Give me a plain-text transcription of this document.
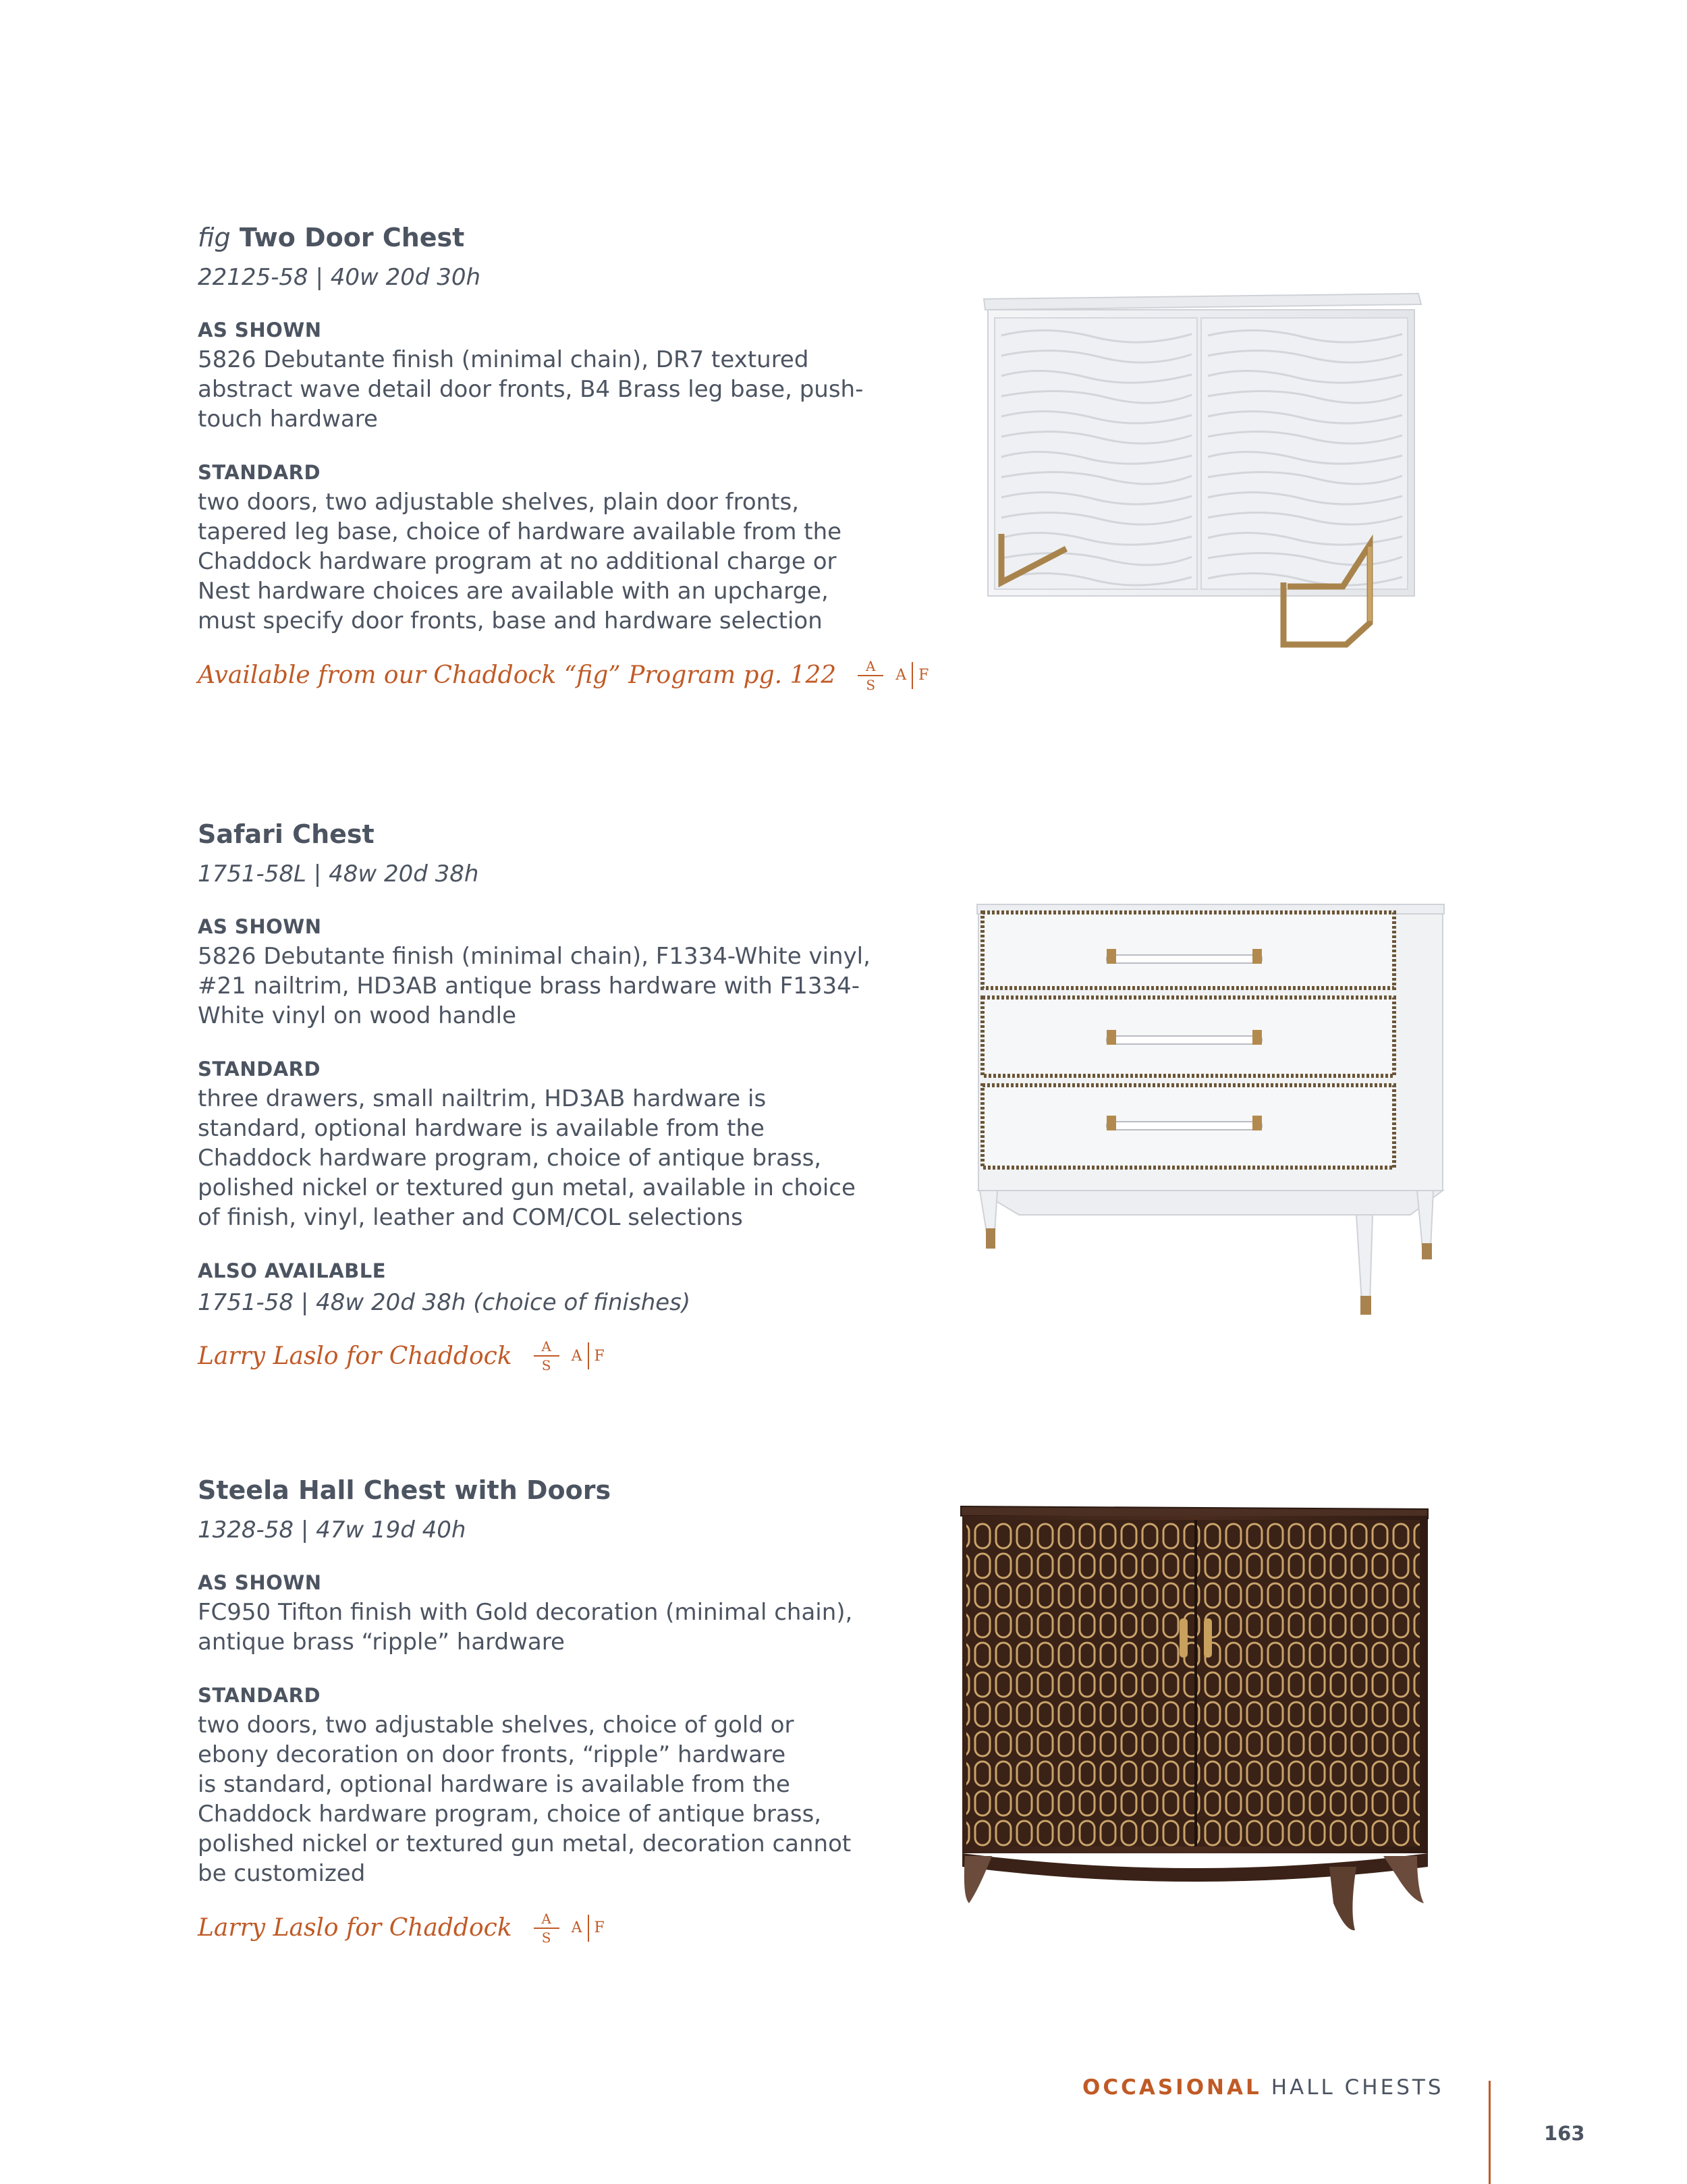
fig Two Door Chest
22125-58 | 40w 20d 30h
AS SHOWN
5826 Debutante finish (minimal chain), DR7 textured
abstract wave detail door fronts, B4 Brass leg base, push-
touch hardware
STANDARD
two doors, two adjustable shelves, plain door fronts,
tapered leg base, choice of hardware available from the
Chaddock hardware program at no additional charge or
Nest hardware choices are available with an upcharge,
must specify door fronts, base and hardware selection
Available from our Chaddock “fig” Program pg. $122 \frac{A}{S}$ A F
Safari Chest
1751-58L | 48w 20d 38h
AS SHOWN
5826 Debutante finish (minimal chain), F1334-White vinyl,
#21 nailtrim, HD3AB antique brass hardware with F1334-
White vinyl on wood handle
STANDARD
three drawers, small nailtrim, HD3AB hardware is
standard, optional hardware is available from the
Chaddock hardware program, choice of antique brass,
polished nickel or textured gun metal, available in choice
of finish, vinyl, leather and COM/COL selections
ALSO AVAILABLE
1751-58 | 48w 20d 38h (choice of finishes)
Larry Laslo for Chaddock $\frac{A}{S}$ A F
Steela Hall Chest with Doors
1328-58 | 47w 19d 40h
AS SHOWN
FC950 Tifton finish with Gold decoration (minimal chain),
antique brass “ripple” hardware
STANDARD
two doors, two adjustable shelves, choice of gold or
ebony decoration on door fronts, “ripple” hardware
is standard, optional hardware is available from the
Chaddock hardware program, choice of antique brass,
polished nickel or textured gun metal, decoration cannot
be customized
Larry Laslo for Chaddock $\frac{A}{S}$ A F
OCCASIONAL HALL CHESTS
163
